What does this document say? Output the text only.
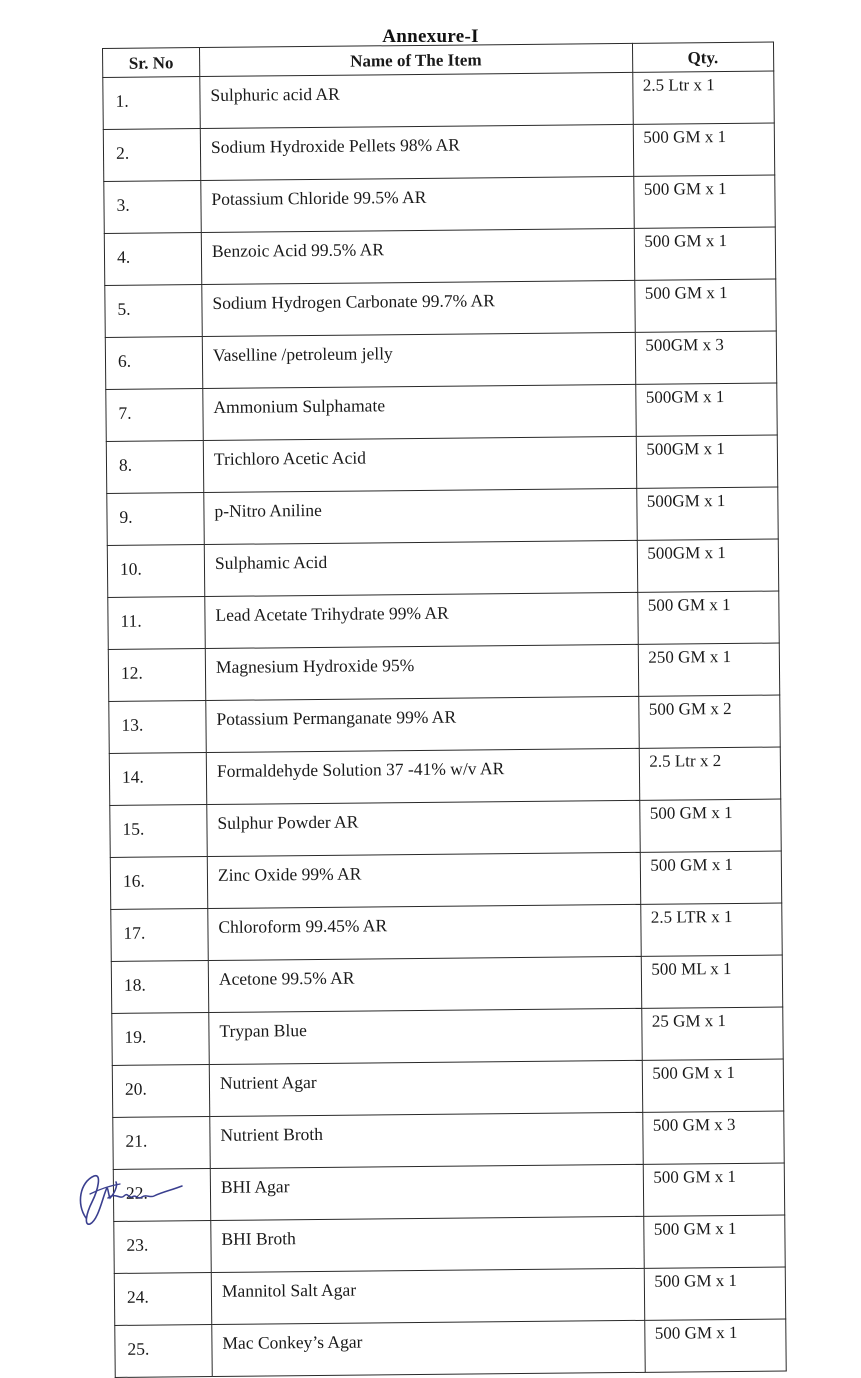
Annexure-I
Sr. No	Name of The Item	Qty.
1.	Sulphuric acid AR	2.5 Ltr x 1
2.	Sodium Hydroxide Pellets 98% AR	500 GM x 1
3.	Potassium Chloride 99.5% AR	500 GM x 1
4.	Benzoic Acid 99.5% AR	500 GM x 1
5.	Sodium Hydrogen Carbonate 99.7% AR	500 GM x 1
6.	Vaselline /petroleum jelly	500GM x 3
7.	Ammonium Sulphamate	500GM x 1
8.	Trichloro Acetic Acid	500GM x 1
9.	p-Nitro Aniline	500GM x 1
10.	Sulphamic Acid	500GM x 1
11.	Lead Acetate Trihydrate 99% AR	500 GM x 1
12.	Magnesium Hydroxide 95%	250 GM x 1
13.	Potassium Permanganate 99% AR	500 GM x 2
14.	Formaldehyde Solution 37 -41% w/v AR	2.5 Ltr x 2
15.	Sulphur Powder AR	500 GM x 1
16.	Zinc Oxide 99% AR	500 GM x 1
17.	Chloroform 99.45% AR	2.5 LTR x 1
18.	Acetone 99.5% AR	500 ML x 1
19.	Trypan Blue	25 GM x 1
20.	Nutrient Agar	500 GM x 1
21.	Nutrient Broth	500 GM x 3
22.	BHI Agar	500 GM x 1
23.	BHI Broth	500 GM x 1
24.	Mannitol Salt Agar	500 GM x 1
25.	Mac Conkey’s Agar	500 GM x 1
